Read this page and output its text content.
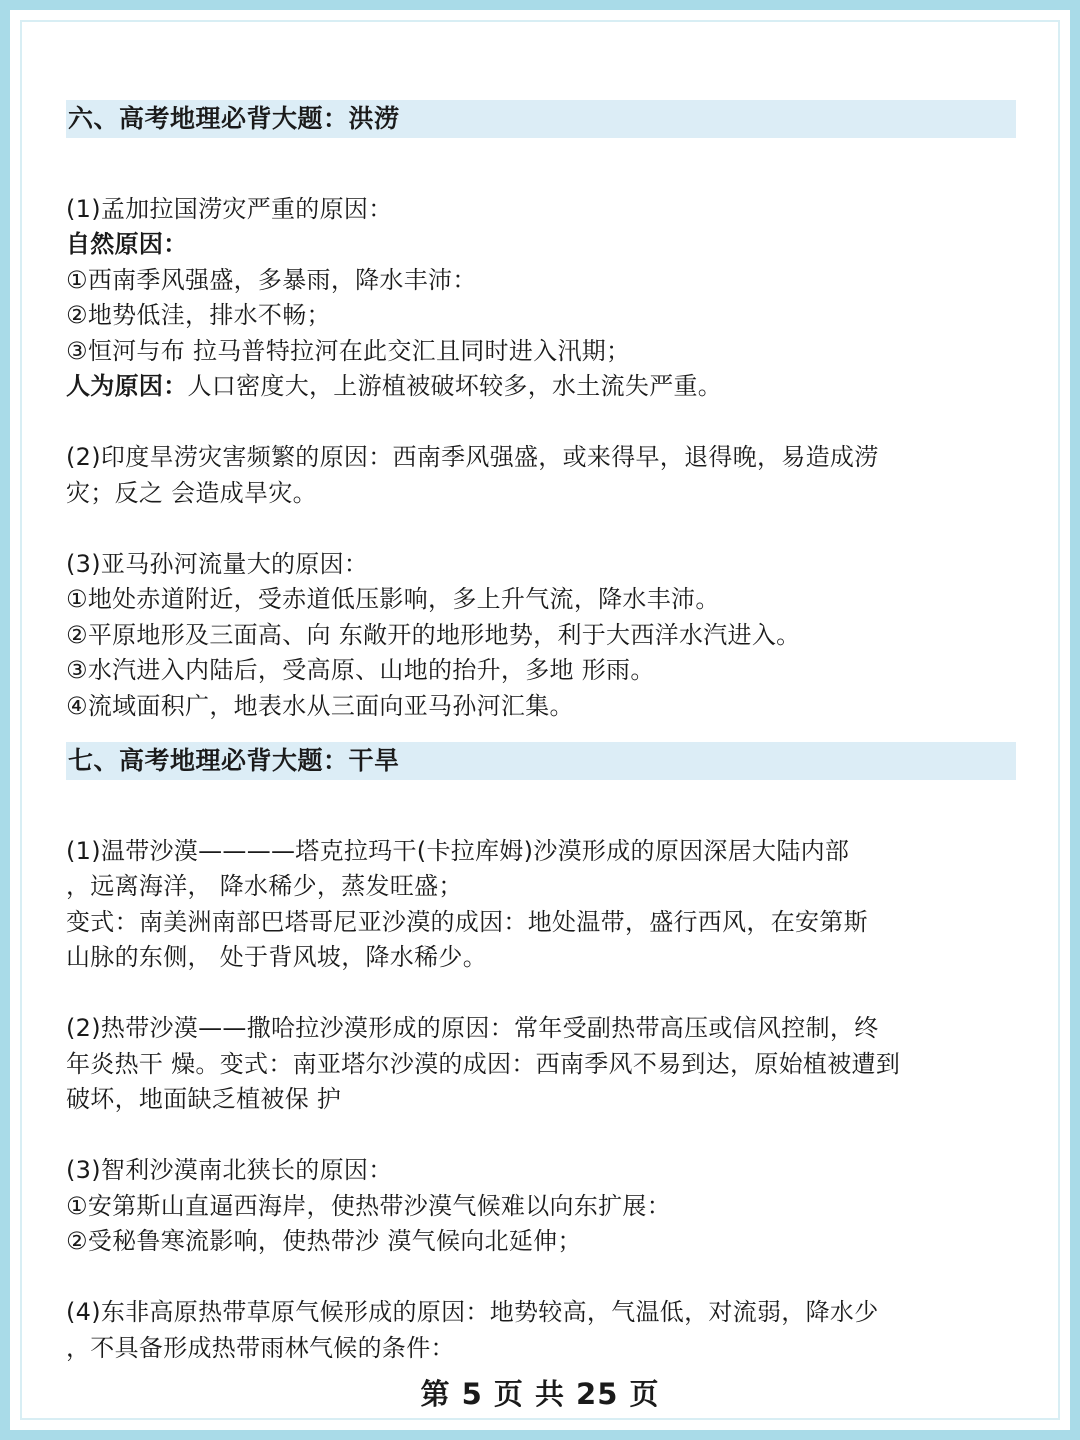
六、高考地理必背大题：洪涝
(1)孟加拉国涝灾严重的原因：
自然原因：
①西南季风强盛，多暴雨，降水丰沛：
②地势低洼，排水不畅；
③恒河与布 拉马普特拉河在此交汇且同时进入汛期；
人为原因：人口密度大，上游植被破坏较多，水土流失严重。
(2)印度旱涝灾害频繁的原因：西南季风强盛，或来得早，退得晚，易造成涝
灾；反之 会造成旱灾。
(3)亚马孙河流量大的原因：
①地处赤道附近，受赤道低压影响，多上升气流，降水丰沛。
②平原地形及三面高、向 东敞开的地形地势，利于大西洋水汽进入。
③水汽进入内陆后，受高原、山地的抬升，多地 形雨。
④流域面积广，地表水从三面向亚马孙河汇集。
七、高考地理必背大题：干旱
(1)温带沙漠————塔克拉玛干(卡拉库姆)沙漠形成的原因深居大陆内部
，远离海洋， 降水稀少，蒸发旺盛；
变式：南美洲南部巴塔哥尼亚沙漠的成因：地处温带，盛行西风，在安第斯
山脉的东侧， 处于背风坡，降水稀少。
(2)热带沙漠——撒哈拉沙漠形成的原因：常年受副热带高压或信风控制，终
年炎热干 燥。变式：南亚塔尔沙漠的成因：西南季风不易到达，原始植被遭到
破坏，地面缺乏植被保 护
(3)智利沙漠南北狭长的原因：
①安第斯山直逼西海岸，使热带沙漠气候难以向东扩展：
②受秘鲁寒流影响，使热带沙 漠气候向北延伸；
(4)东非高原热带草原气候形成的原因：地势较高，气温低，对流弱，降水少
，不具备形成热带雨林气候的条件：
第 5 页 共 25 页
